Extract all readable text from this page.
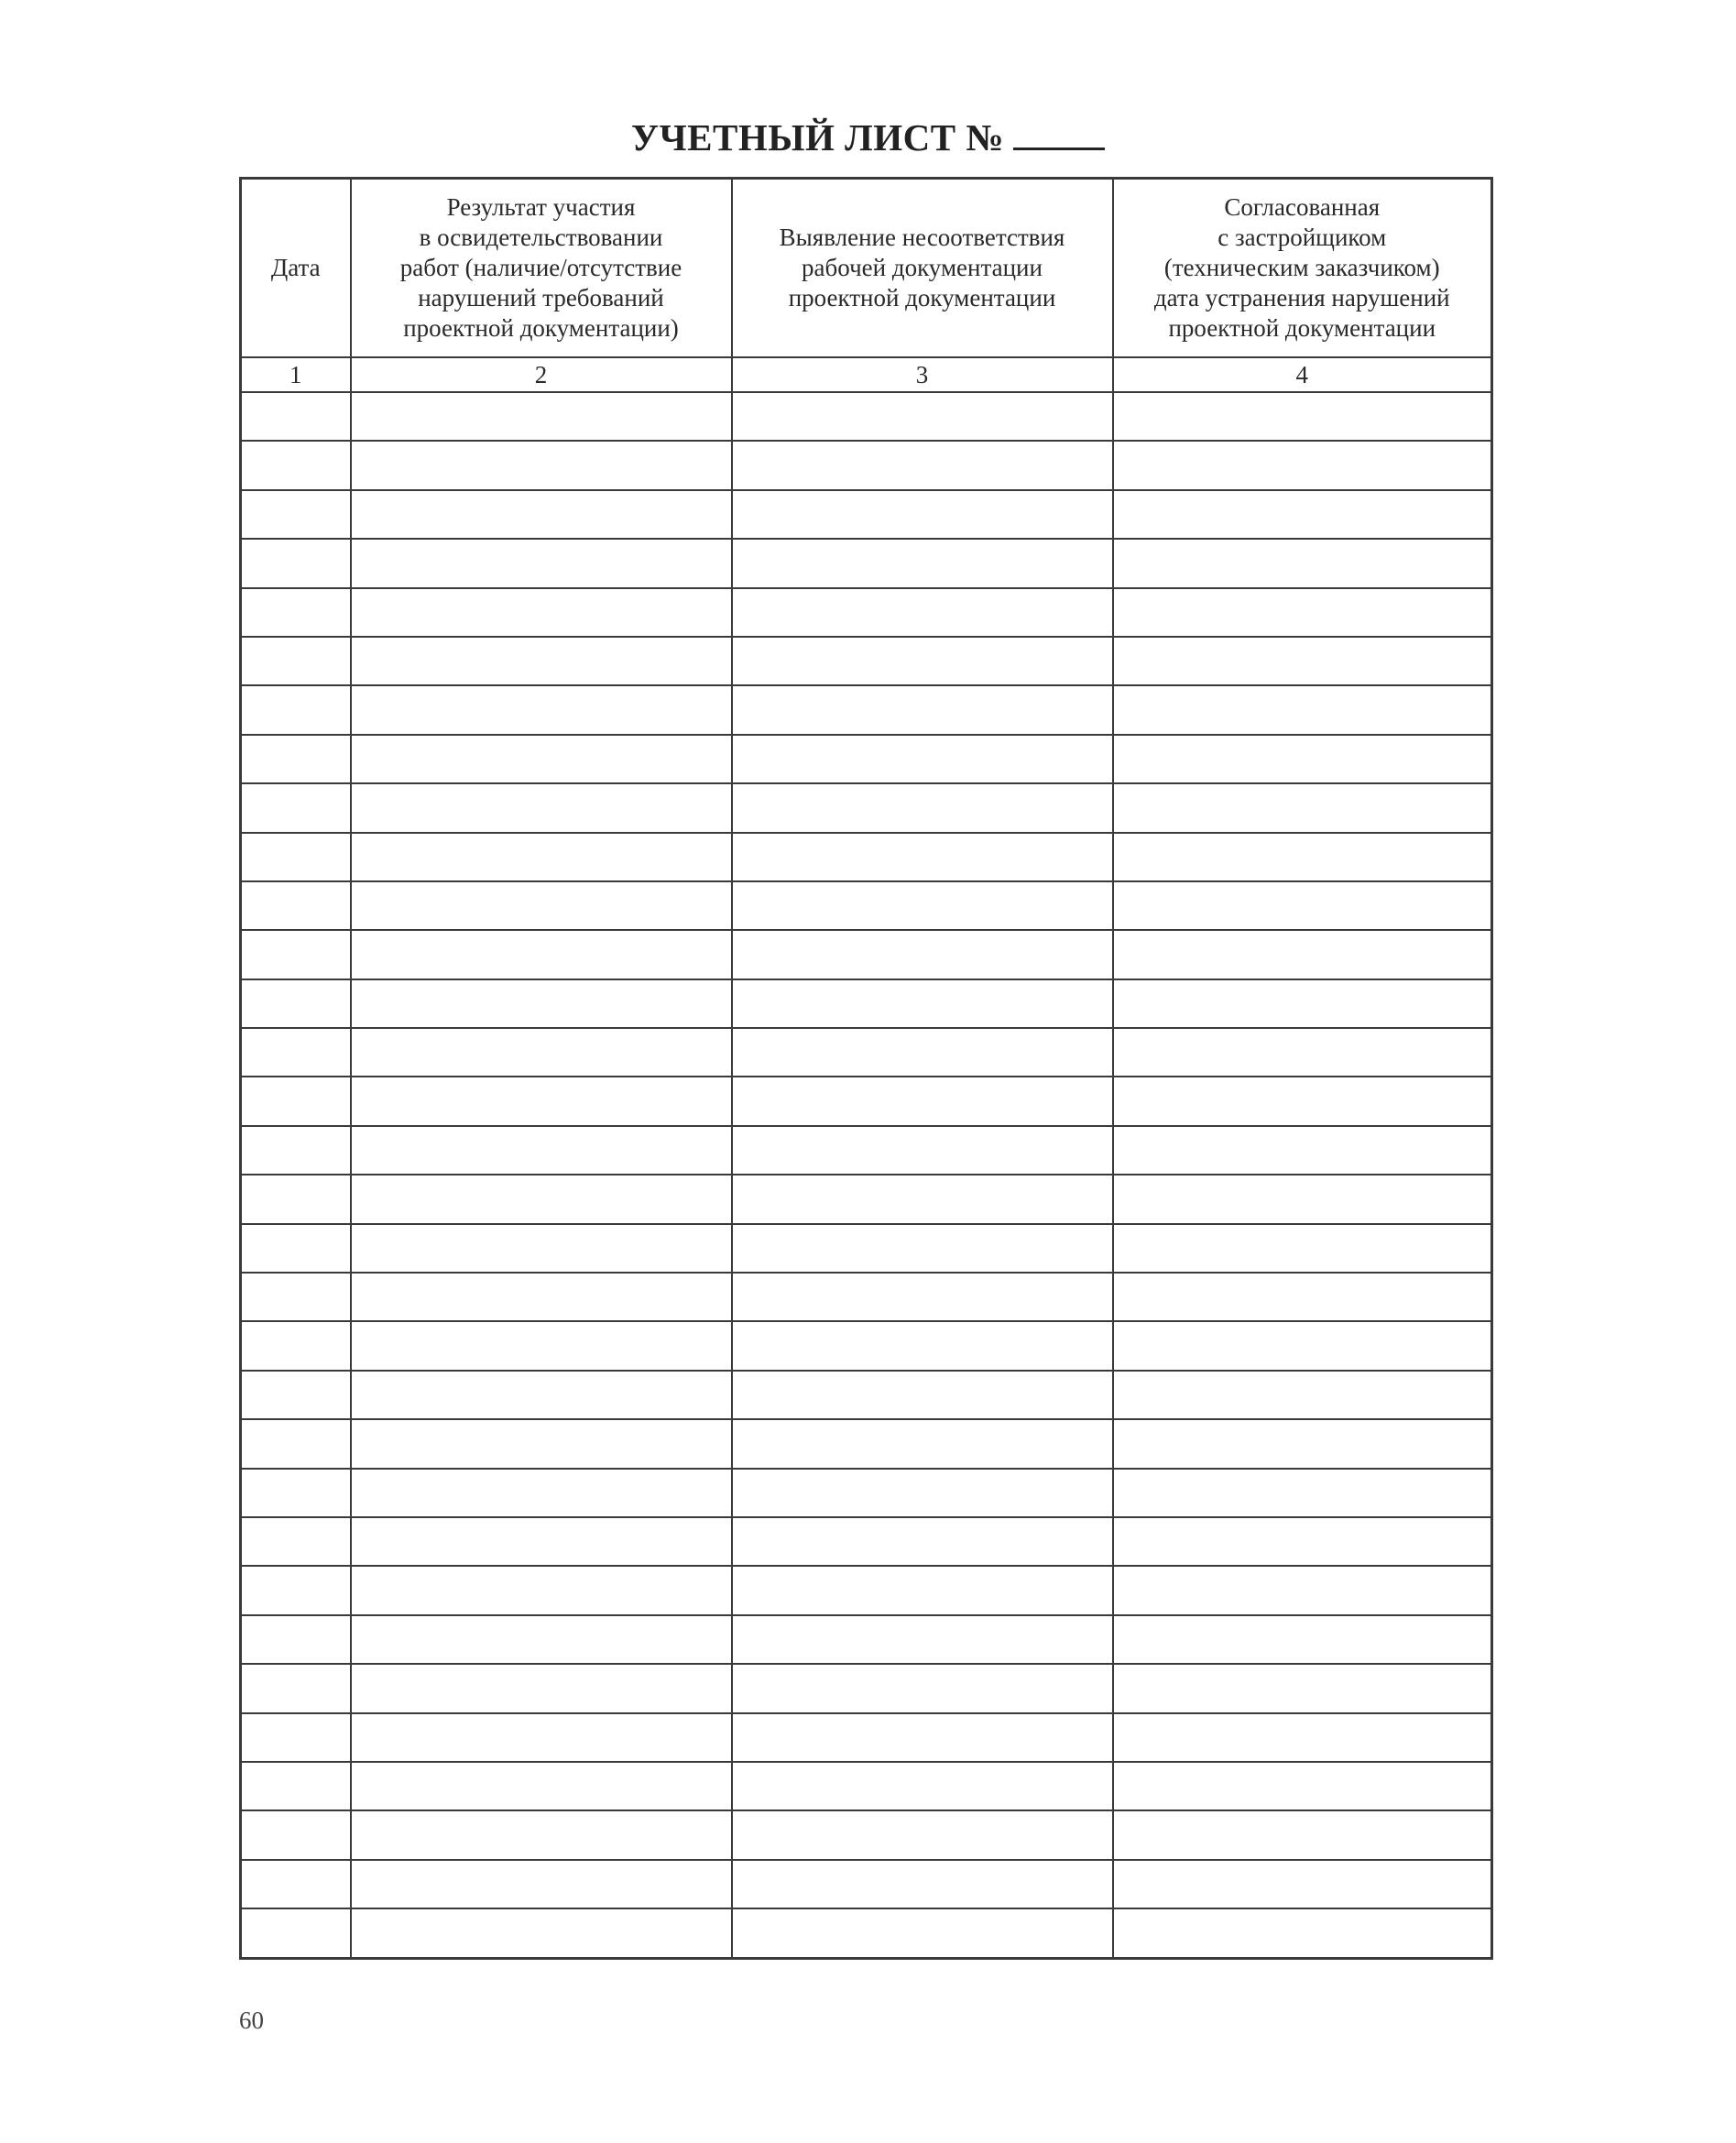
УЧЕТНЫЙ ЛИСТ №
Дата	Результат участия
в освидетельствовании
работ (наличие/отсутствие
нарушений требований
проектной документации)	Выявление несоответствия
рабочей документации
проектной документации	Согласованная
с застройщиком
(техническим заказчиком)
дата устранения нарушений
проектной документации
1	2	3	4

60
